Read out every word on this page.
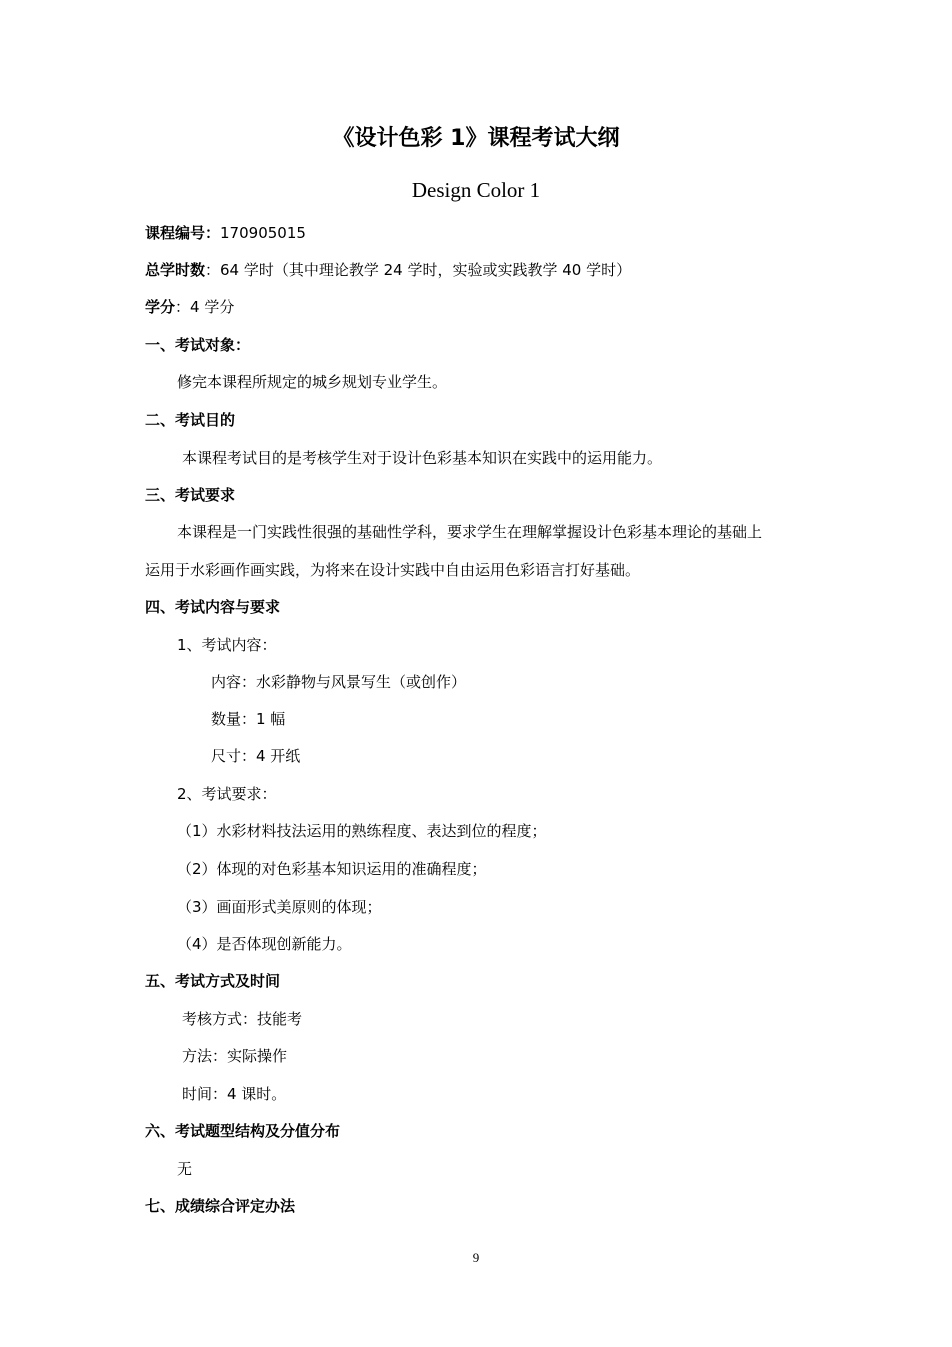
《设计色彩 1》课程考试大纲
Design Color 1
课程编号：170905015
总学时数：64 学时（其中理论教学 24 学时，实验或实践教学 40 学时）
学分：4 学分
一、考试对象：
修完本课程所规定的城乡规划专业学生。
二、考试目的
本课程考试目的是考核学生对于设计色彩基本知识在实践中的运用能力。
三、考试要求
本课程是一门实践性很强的基础性学科，要求学生在理解掌握设计色彩基本理论的基础上
运用于水彩画作画实践，为将来在设计实践中自由运用色彩语言打好基础。
四、考试内容与要求
1、考试内容：
内容：水彩静物与风景写生（或创作）
数量：1 幅
尺寸：4 开纸
2、考试要求：
（1）水彩材料技法运用的熟练程度、表达到位的程度；
（2）体现的对色彩基本知识运用的准确程度；
（3）画面形式美原则的体现；
（4）是否体现创新能力。
五、考试方式及时间
考核方式：技能考
方法：实际操作
时间：4 课时。
六、考试题型结构及分值分布
无
七、成绩综合评定办法
9
